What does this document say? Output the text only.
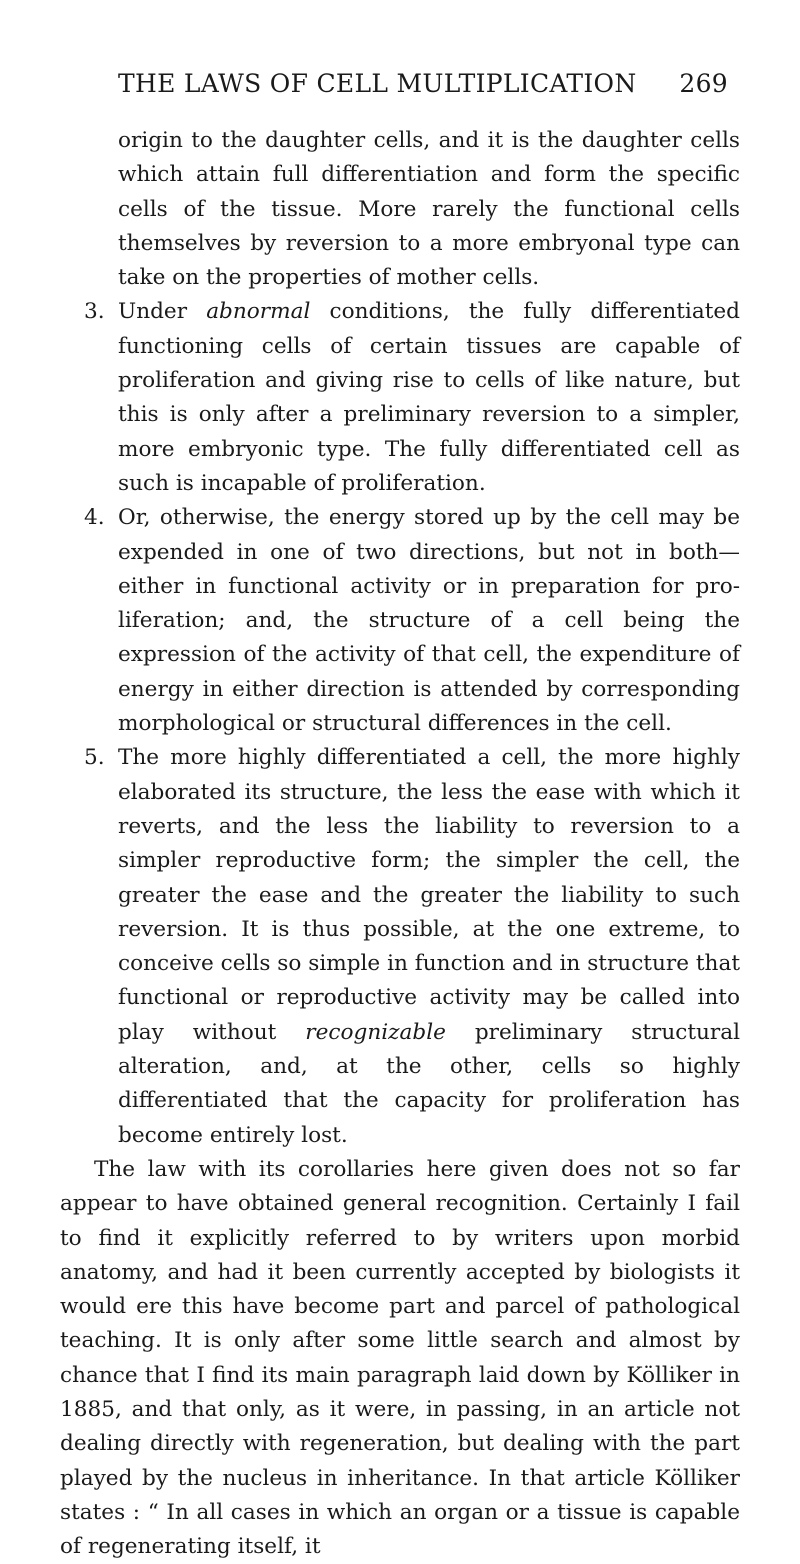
THE LAWS OF CELL MULTIPLICATION 269

origin to the daughter cells, and it is the daughter cells which attain full differentiation and form the specific cells of the tissue. More rarely the functional cells themselves by reversion to a more embryonal type can take on the properties of mother cells.

3. Under abnormal conditions, the fully differentiated functioning cells of certain tissues are capable of proliferation and giving rise to cells of like nature, but this is only after a preliminary reversion to a simpler, more embryonic type. The fully differentiated cell as such is incapable of proliferation.

4. Or, otherwise, the energy stored up by the cell may be expended in one of two directions, but not in both— either in functional activity or in preparation for proliferation; and, the structure of a cell being the expression of the activity of that cell, the expenditure of energy in either direction is attended by corresponding morphological or structural differences in the cell.

5. The more highly differentiated a cell, the more highly elaborated its structure, the less the ease with which it reverts, and the less the liability to reversion to a simpler reproductive form; the simpler the cell, the greater the ease and the greater the liability to such reversion. It is thus possible, at the one extreme, to conceive cells so simple in function and in structure that functional or reproductive activity may be called into play without recognizable preliminary structural alteration, and, at the other, cells so highly differentiated that the capacity for proliferation has become entirely lost.

The law with its corollaries here given does not so far appear to have obtained general recognition. Certainly I fail to find it explicitly referred to by writers upon morbid anatomy, and had it been currently accepted by biologists it would ere this have become part and parcel of pathological teaching. It is only after some little search and almost by chance that I find its main paragraph laid down by Kölliker in 1885, and that only, as it were, in passing, in an article not dealing directly with regeneration, but dealing with the part played by the nucleus in inheritance. In that article Kölliker states : “ In all cases in which an organ or a tissue is capable of regenerating itself, it
